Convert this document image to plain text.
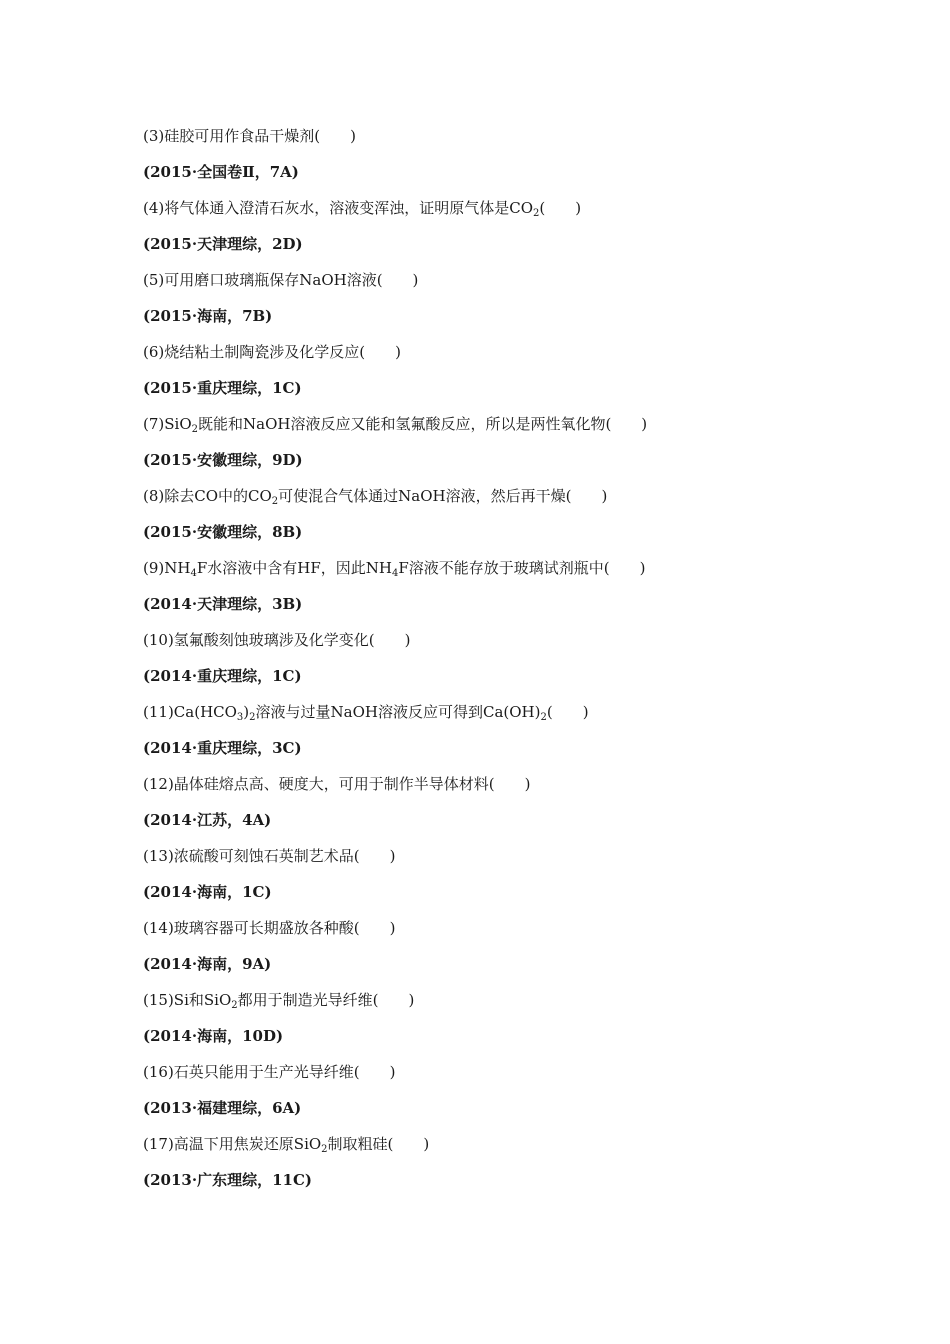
(3)硅胶可用作食品干燥剂(　　)
(2015·全国卷Ⅱ，7A)
(4)将气体通入澄清石灰水，溶液变浑浊，证明原气体是$CO_2$(　　)
(2015·天津理综，2D)
(5)可用磨口玻璃瓶保存NaOH溶液(　　)
(2015·海南，7B)
(6)烧结粘土制陶瓷涉及化学反应(　　)
(2015·重庆理综，1C)
(7)SiO$_2$既能和NaOH溶液反应又能和氢氟酸反应，所以是两性氧化物(　　)
(2015·安徽理综，9D)
(8)除去CO中的$CO_2$可使混合气体通过NaOH溶液，然后再干燥(　　)
(2015·安徽理综，8B)
$(9)NH_4F$水溶液中含有HF，因此$NH_4F$溶液不能存放于玻璃试剂瓶中(　　)
(2014·天津理综，3B)
(10)氢氟酸刻蚀玻璃涉及化学变化(　　)
(2014·重庆理综，1C)
$(11)Ca(HCO_3)_2$溶液与过量NaOH溶液反应可得到$Ca(OH)_2$(　　)
(2014·重庆理综，3C)
(12)晶体硅熔点高、硬度大，可用于制作半导体材料(　　)
(2014·江苏，4A)
(13)浓硫酸可刻蚀石英制艺术品(　　)
(2014·海南，1C)
(14)玻璃容器可长期盛放各种酸(　　)
(2014·海南，9A)
(15)Si和SiO$_2$都用于制造光导纤维(　　)
(2014·海南，10D)
(16)石英只能用于生产光导纤维(　　)
(2013·福建理综，6A)
(17)高温下用焦炭还原SiO$_2$制取粗硅(　　)
(2013·广东理综，11C)
